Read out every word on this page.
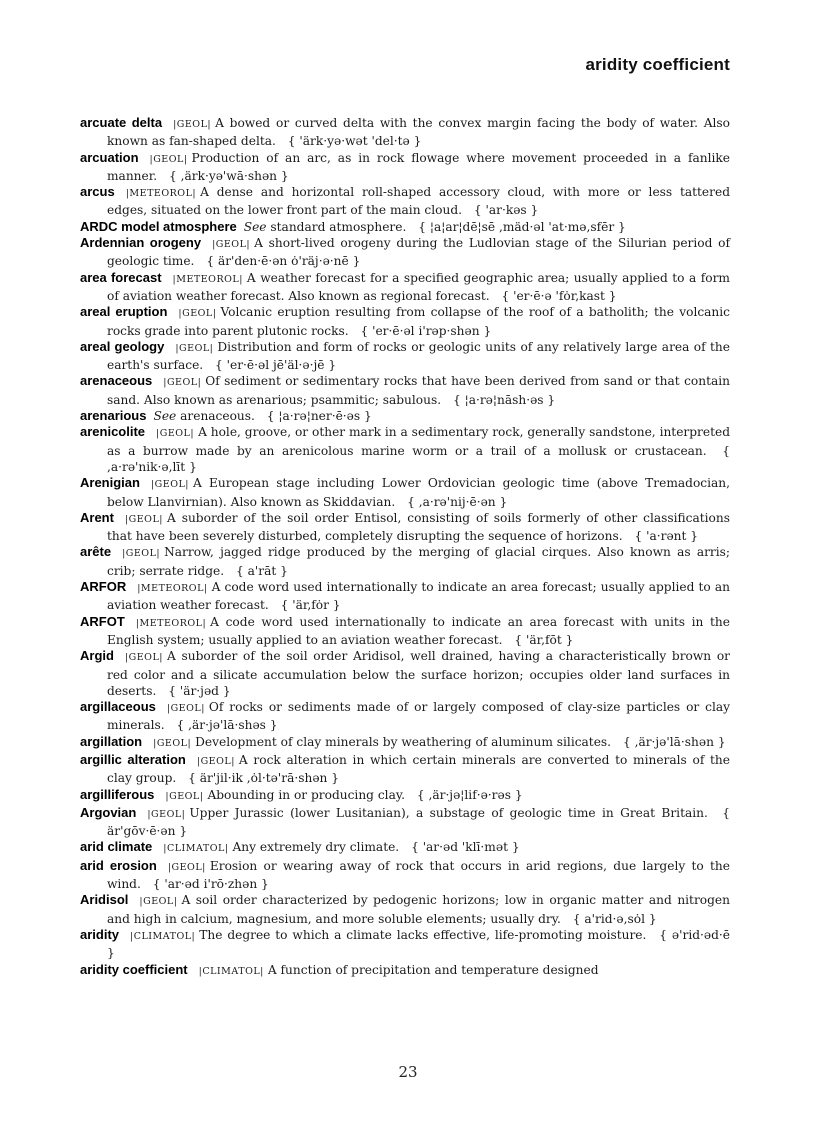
aridity coefficient

arcuate delta |GEOL| A bowed or curved delta with the convex margin facing the body of water. Also known as fan-shaped delta. { 'ärk·yə·wət 'del·tə }

arcuation |GEOL| Production of an arc, as in rock flowage where movement proceeded in a fanlike manner. { ,ärk·yə'wā·shən }

arcus |METEOROL| A dense and horizontal roll-shaped accessory cloud, with more or less tattered edges, situated on the lower front part of the main cloud. { 'ar·kəs }

ARDC model atmosphere See standard atmosphere. { ¦a¦ar¦dē¦sē ,mäd·əl 'at·mə,sfēr }

Ardennian orogeny |GEOL| A short-lived orogeny during the Ludlovian stage of the Silurian period of geologic time. { är'den·ē·ən ȯ'räj·ə·nē }

area forecast |METEOROL| A weather forecast for a specified geographic area; usually applied to a form of aviation weather forecast. Also known as regional forecast. { 'er·ē·ə 'fȯr,kast }

areal eruption |GEOL| Volcanic eruption resulting from collapse of the roof of a batholith; the volcanic rocks grade into parent plutonic rocks. { 'er·ē·əl i'rəp·shən }

areal geology |GEOL| Distribution and form of rocks or geologic units of any relatively large area of the earth's surface. { 'er·ē·əl jē'äl·ə·jē }

arenaceous |GEOL| Of sediment or sedimentary rocks that have been derived from sand or that contain sand. Also known as arenarious; psammitic; sabulous. { ¦a·rə¦nāsh·əs }

arenarious See arenaceous. { ¦a·rə¦ner·ē·əs }

arenicolite |GEOL| A hole, groove, or other mark in a sedimentary rock, generally sandstone, interpreted as a burrow made by an arenicolous marine worm or a trail of a mollusk or crustacean. { ,a·rə'nik·ə,līt }

Arenigian |GEOL| A European stage including Lower Ordovician geologic time (above Tremadocian, below Llanvirnian). Also known as Skiddavian. { ,a·rə'nij·ē·ən }

Arent |GEOL| A suborder of the soil order Entisol, consisting of soils formerly of other classifications that have been severely disturbed, completely disrupting the sequence of horizons. { 'a·rənt }

arête |GEOL| Narrow, jagged ridge produced by the merging of glacial cirques. Also known as arris; crib; serrate ridge. { a'rāt }

ARFOR |METEOROL| A code word used internationally to indicate an area forecast; usually applied to an aviation weather forecast. { 'är,fȯr }

ARFOT |METEOROL| A code word used internationally to indicate an area forecast with units in the English system; usually applied to an aviation weather forecast. { 'är,fōt }

Argid |GEOL| A suborder of the soil order Aridisol, well drained, having a characteristically brown or red color and a silicate accumulation below the surface horizon; occupies older land surfaces in deserts. { 'är·jəd }

argillaceous |GEOL| Of rocks or sediments made of or largely composed of clay-size particles or clay minerals. { ,är·jə'lā·shəs }

argillation |GEOL| Development of clay minerals by weathering of aluminum silicates. { ,är·jə'lā·shən }

argillic alteration |GEOL| A rock alteration in which certain minerals are converted to minerals of the clay group. { är'jil·ik ,ȯl·tə'rā·shən }

argilliferous |GEOL| Abounding in or producing clay. { ,är·jə¦lif·ə·rəs }

Argovian |GEOL| Upper Jurassic (lower Lusitanian), a substage of geologic time in Great Britain. { är'gōv·ē·ən }

arid climate |CLIMATOL| Any extremely dry climate. { 'ar·əd 'klī·mət }

arid erosion |GEOL| Erosion or wearing away of rock that occurs in arid regions, due largely to the wind. { 'ar·əd i'rō·zhən }

Aridisol |GEOL| A soil order characterized by pedogenic horizons; low in organic matter and nitrogen and high in calcium, magnesium, and more soluble elements; usually dry. { a'rid·ə,sȯl }

aridity |CLIMATOL| The degree to which a climate lacks effective, life-promoting moisture. { ə'rid·əd·ē }

aridity coefficient |CLIMATOL| A function of precipitation and temperature designed

23
